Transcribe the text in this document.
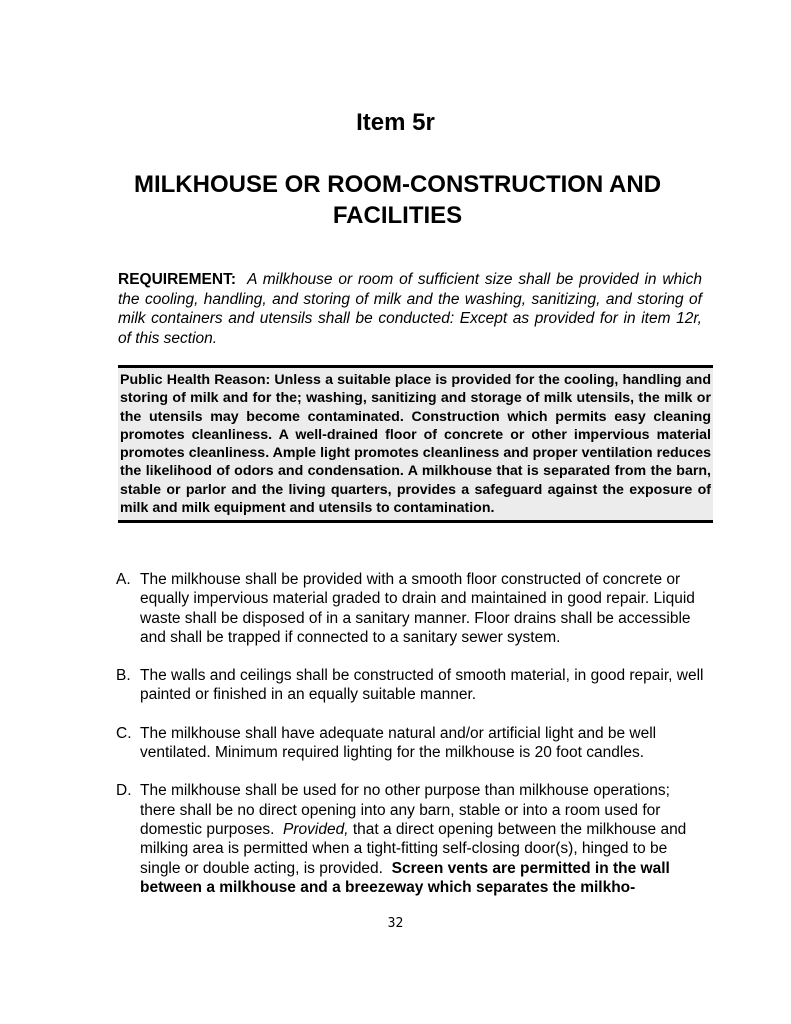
Item 5r
MILKHOUSE OR ROOM-CONSTRUCTION AND FACILITIES
REQUIREMENT: A milkhouse or room of sufficient size shall be provided in which the cooling, handling, and storing of milk and the washing, sanitizing, and storing of milk containers and utensils shall be conducted: Except as provided for in item 12r, of this section.
Public Health Reason: Unless a suitable place is provided for the cooling, handling and storing of milk and for the; washing, sanitizing and storage of milk utensils, the milk or the utensils may become contaminated. Construction which permits easy cleaning promotes cleanliness. A well-drained floor of concrete or other impervious material promotes cleanliness. Ample light promotes cleanliness and proper ventilation reduces the likelihood of odors and condensation. A milkhouse that is separated from the barn, stable or parlor and the living quarters, provides a safeguard against the exposure of milk and milk equipment and utensils to contamination.
A. The milkhouse shall be provided with a smooth floor constructed of concrete or equally impervious material graded to drain and maintained in good repair. Liquid waste shall be disposed of in a sanitary manner. Floor drains shall be accessible and shall be trapped if connected to a sanitary sewer system.
B. The walls and ceilings shall be constructed of smooth material, in good repair, well painted or finished in an equally suitable manner.
C. The milkhouse shall have adequate natural and/or artificial light and be well ventilated. Minimum required lighting for the milkhouse is 20 foot candles.
D. The milkhouse shall be used for no other purpose than milkhouse operations; there shall be no direct opening into any barn, stable or into a room used for domestic purposes. Provided, that a direct opening between the milkhouse and milking area is permitted when a tight-fitting self-closing door(s), hinged to be single or double acting, is provided. Screen vents are permitted in the wall between a milkhouse and a breezeway which separates the milkho-
32
